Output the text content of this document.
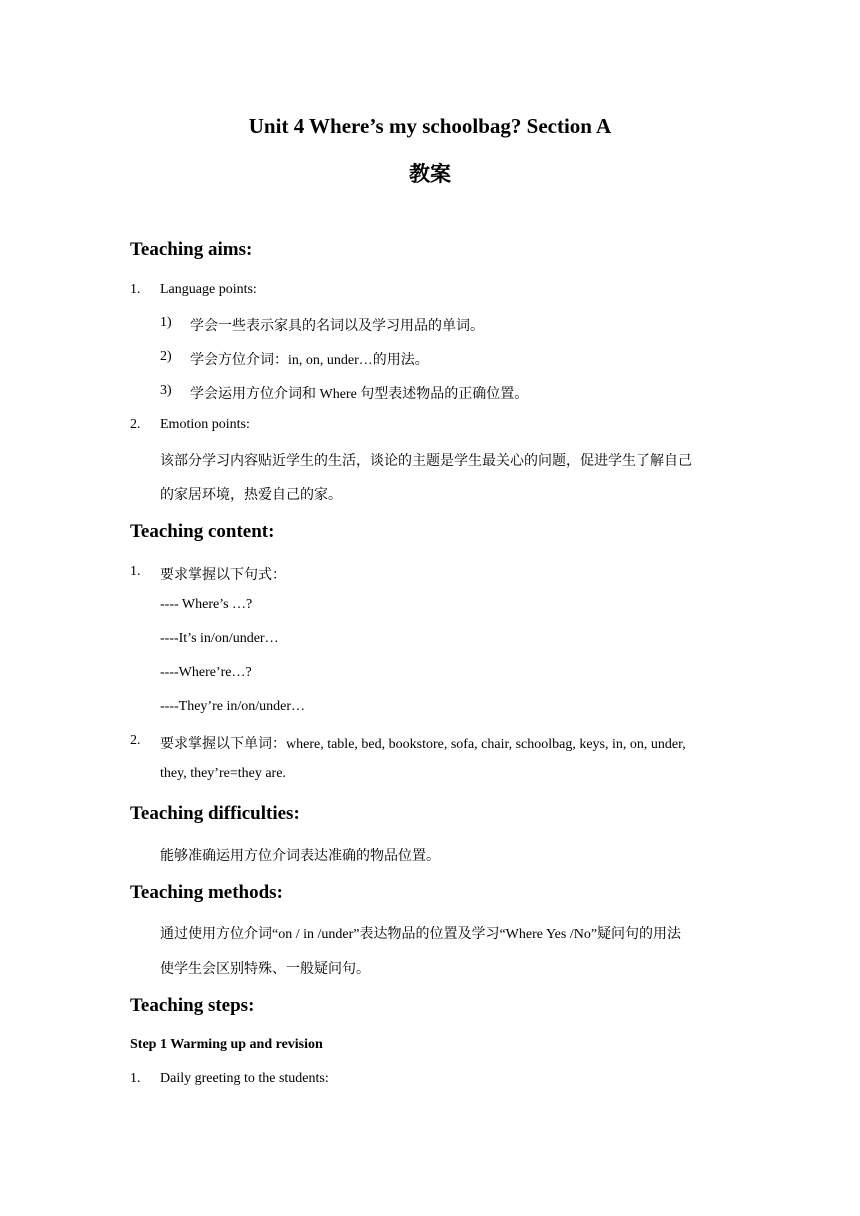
Unit 4 Where’s my schoolbag? Section A
教案
Teaching aims:
1. Language points:
1) 学会一些表示家具的名词以及学习用品的单词。
2) 学会方位介词：in, on, under…的用法。
3) 学会运用方位介词和 Where 句型表述物品的正确位置。
2. Emotion points:
该部分学习内容贴近学生的生活，谈论的主题是学生最关心的问题，促进学生了解自己
的家居环境，热爱自己的家。
Teaching content:
1. 要求掌握以下句式：
---- Where’s …?
----It’s in/on/under…
----Where’re…?
----They’re in/on/under…
2. 要求掌握以下单词：where, table, bed, bookstore, sofa, chair, schoolbag, keys, in, on, under,
they, they’re=they are.
Teaching difficulties:
能够准确运用方位介词表达准确的物品位置。
Teaching methods:
通过使用方位介词“on / in /under”表达物品的位置及学习“Where Yes /No”疑问句的用法
使学生会区别特殊、一般疑问句。
Teaching steps:
Step 1 Warming up and revision
1. Daily greeting to the students:
